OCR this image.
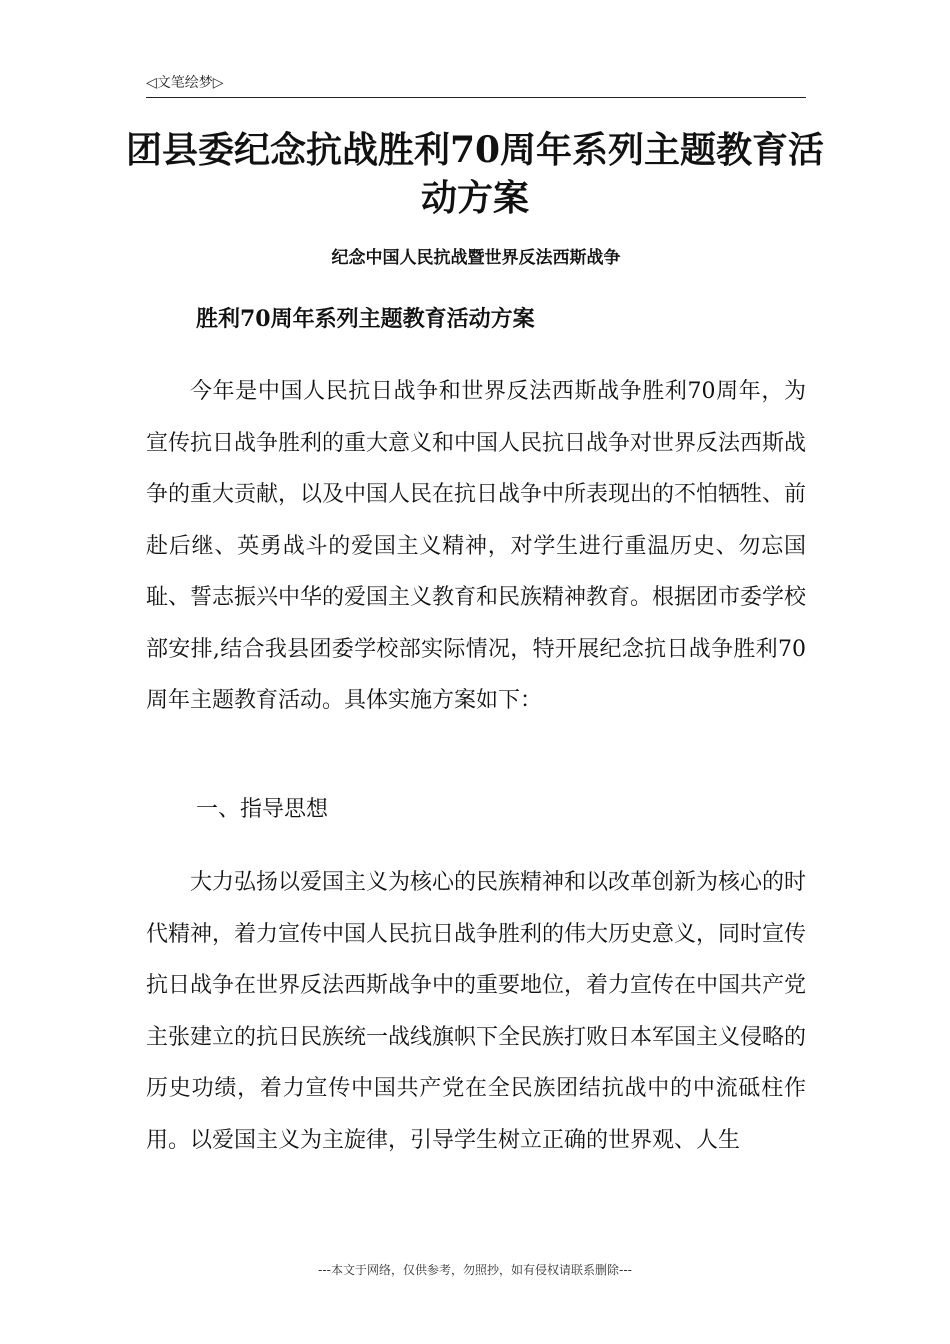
◁文笔绘梦▷
团县委纪念抗战胜利70周年系列主题教育活动方案
纪念中国人民抗战暨世界反法西斯战争
胜利70周年系列主题教育活动方案

今年是中国人民抗日战争和世界反法西斯战争胜利70周年，为宣传抗日战争胜利的重大意义和中国人民抗日战争对世界反法西斯战争的重大贡献，以及中国人民在抗日战争中所表现出的不怕牺牲、前赴后继、英勇战斗的爱国主义精神，对学生进行重温历史、勿忘国耻、誓志振兴中华的爱国主义教育和民族精神教育。根据团市委学校部安排,结合我县团委学校部实际情况，特开展纪念抗日战争胜利70周年主题教育活动。具体实施方案如下：

一、指导思想

大力弘扬以爱国主义为核心的民族精神和以改革创新为核心的时代精神，着力宣传中国人民抗日战争胜利的伟大历史意义，同时宣传抗日战争在世界反法西斯战争中的重要地位，着力宣传在中国共产党主张建立的抗日民族统一战线旗帜下全民族打败日本军国主义侵略的历史功绩，着力宣传中国共产党在全民族团结抗战中的中流砥柱作用。以爱国主义为主旋律，引导学生树立正确的世界观、人生

---本文于网络，仅供参考，勿照抄，如有侵权请联系删除---
